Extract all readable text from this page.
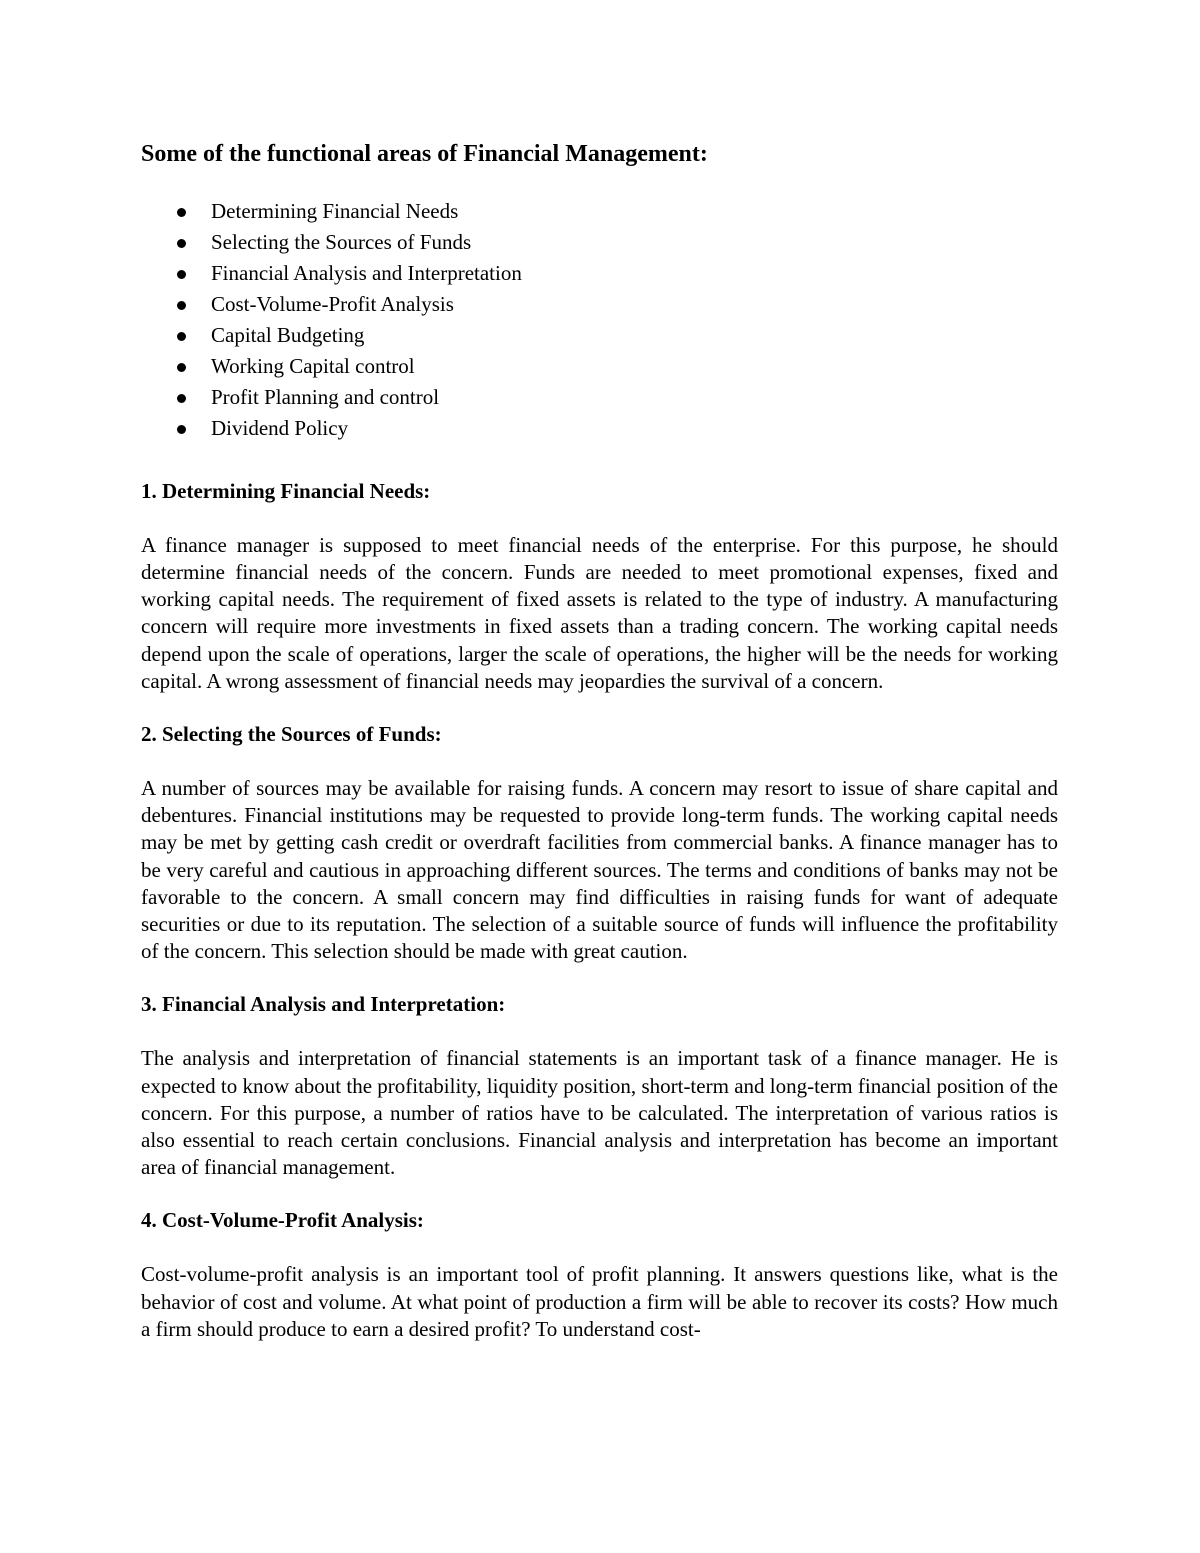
Some of the functional areas of Financial Management:
Determining Financial Needs
Selecting the Sources of Funds
Financial Analysis and Interpretation
Cost-Volume-Profit Analysis
Capital Budgeting
Working Capital control
Profit Planning and control
Dividend Policy
1. Determining Financial Needs:

A finance manager is supposed to meet financial needs of the enterprise. For this purpose, he should determine financial needs of the concern. Funds are needed to meet promotional expenses, fixed and working capital needs. The requirement of fixed assets is related to the type of industry. A manufacturing concern will require more investments in fixed assets than a trading concern. The working capital needs depend upon the scale of operations, larger the scale of operations, the higher will be the needs for working capital. A wrong assessment of financial needs may jeopardies the survival of a concern.

2. Selecting the Sources of Funds:

A number of sources may be available for raising funds. A concern may resort to issue of share capital and debentures. Financial institutions may be requested to provide long-term funds. The working capital needs may be met by getting cash credit or overdraft facilities from commercial banks. A finance manager has to be very careful and cautious in approaching different sources. The terms and conditions of banks may not be favorable to the concern. A small concern may find difficulties in raising funds for want of adequate securities or due to its reputation. The selection of a suitable source of funds will influence the profitability of the concern. This selection should be made with great caution.

3. Financial Analysis and Interpretation:

The analysis and interpretation of financial statements is an important task of a finance manager. He is expected to know about the profitability, liquidity position, short-term and long-term financial position of the concern. For this purpose, a number of ratios have to be calculated. The interpretation of various ratios is also essential to reach certain conclusions. Financial analysis and interpretation has become an important area of financial management.

4. Cost-Volume-Profit Analysis:

Cost-volume-profit analysis is an important tool of profit planning. It answers questions like, what is the behavior of cost and volume. At what point of production a firm will be able to recover its costs? How much a firm should produce to earn a desired profit? To understand cost-
